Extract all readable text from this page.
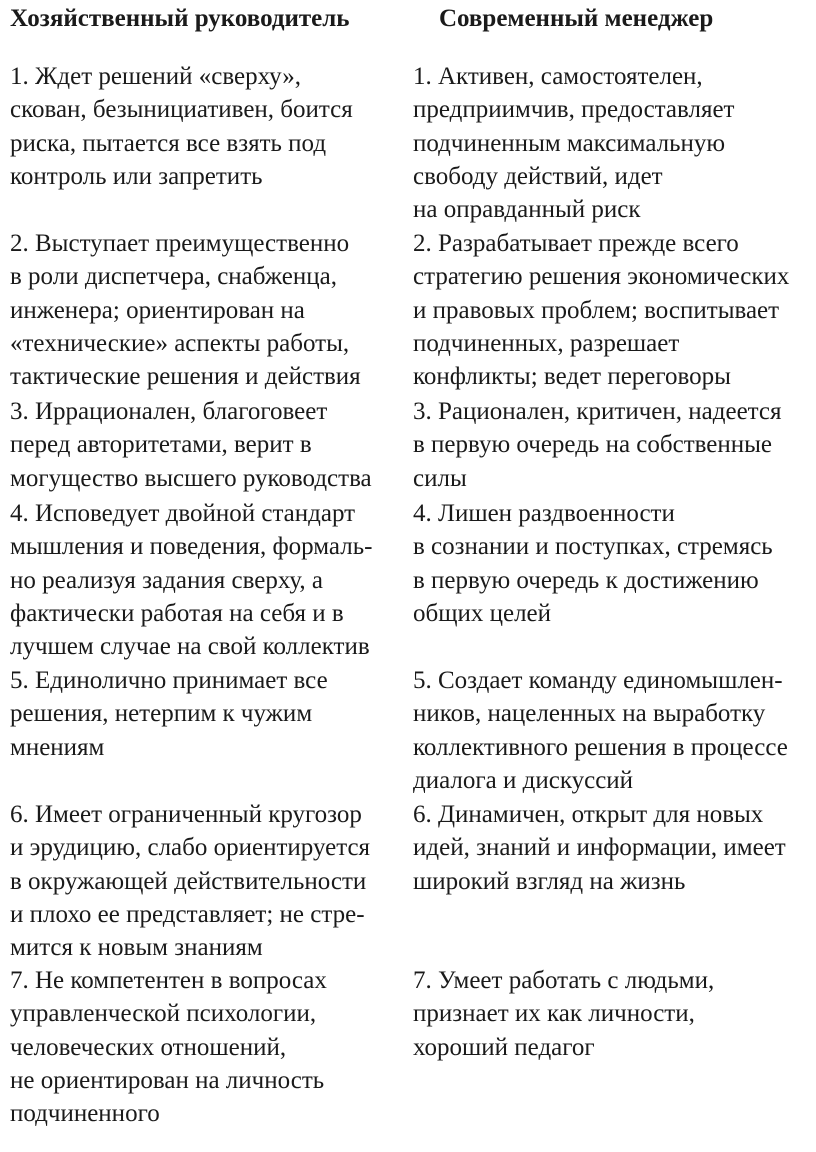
Хозяйственный руководитель	Современный менеджер
1. Ждет решений «сверху»,
скован, безынициативен, боится
риска, пытается все взять под
контроль или запретить
1. Активен, самостоятелен,
предприимчив, предоставляет
подчиненным максимальную
свободу действий, идет
на оправданный риск
2. Выступает преимущественно
в роли диспетчера, снабженца,
инженера; ориентирован на
«технические» аспекты работы,
тактические решения и действия
2. Разрабатывает прежде всего
стратегию решения экономических
и правовых проблем; воспитывает
подчиненных, разрешает
конфликты; ведет переговоры
3. Иррационален, благоговеет
перед авторитетами, верит в
могущество высшего руководства
3. Рационален, критичен, надеется
в первую очередь на собственные
силы
4. Исповедует двойной стандарт
мышления и поведения, формаль-
но реализуя задания сверху, а
фактически работая на себя и в
лучшем случае на свой коллектив
4. Лишен раздвоенности
в сознании и поступках, стремясь
в первую очередь к достижению
общих целей
5. Единолично принимает все
решения, нетерпим к чужим
мнениям
5. Создает команду единомышлен-
ников, нацеленных на выработку
коллективного решения в процессе
диалога и дискуссий
6. Имеет ограниченный кругозор
и эрудицию, слабо ориентируется
в окружающей действительности
и плохо ее представляет; не стре-
мится к новым знаниям
6. Динамичен, открыт для новых
идей, знаний и информации, имеет
широкий взгляд на жизнь
7. Не компетентен в вопросах
управленческой психологии,
человеческих отношений,
не ориентирован на личность
подчиненного
7. Умеет работать с людьми,
признает их как личности,
хороший педагог
